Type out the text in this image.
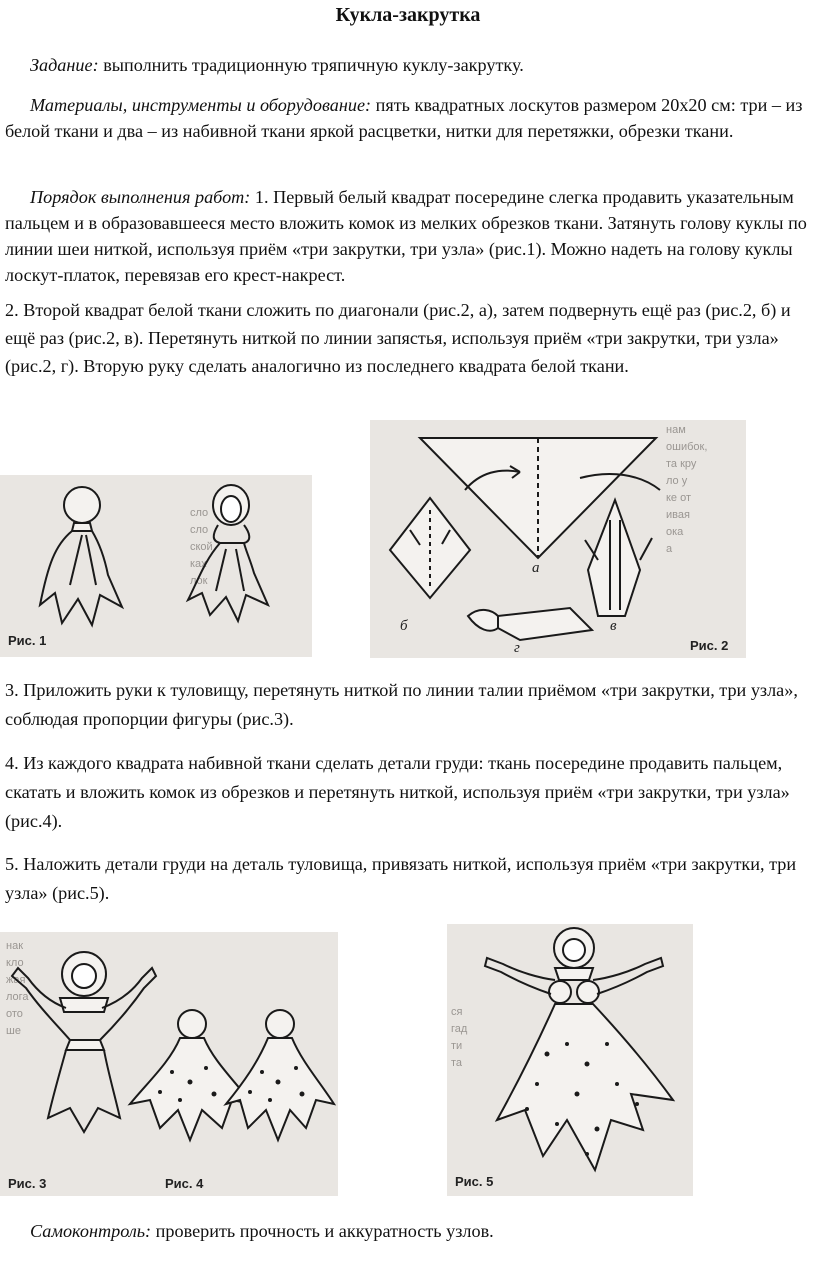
Кукла-закрутка
Задание: выполнить традиционную тряпичную куклу-закрутку.
Материалы, инструменты и оборудование: пять квадратных лоскутов размером 20х20 см: три – из белой ткани и два – из набивной ткани яркой расцветки, нитки для перетяжки, обрезки ткани.
Порядок выполнения работ: 1. Первый белый квадрат посередине слегка продавить указательным пальцем и в образовавшееся место вложить комок из мелких обрезков ткани. Затянуть голову куклы по линии шеи ниткой, используя приём «три закрутки, три узла» (рис.1). Можно надеть на голову куклы лоскут-платок, перевязав его крест-накрест.
2. Второй квадрат белой ткани сложить по диагонали (рис.2, а), затем подвернуть ещё раз (рис.2, б) и ещё раз (рис.2, в). Перетянуть ниткой по линии запястья, используя приём «три закрутки, три узла» (рис.2, г). Вторую руку сделать аналогично из последнего квадрата белой ткани.
сло
сло
ской
ках
лок
Рис. 1
нам
ошибок,
та кру
ло у
ке от
ивая
ока
а
а
б	в
г	Рис. 2
3. Приложить руки к туловищу, перетянуть ниткой по линии талии приёмом «три закрутки, три узла», соблюдая пропорции фигуры (рис.3).
4. Из каждого квадрата набивной ткани сделать детали груди: ткань посередине продавить пальцем, скатать и вложить комок из обрезков и перетянуть ниткой, используя приём «три закрутки, три узла» (рис.4).
5. Наложить детали груди на деталь туловища, привязать ниткой, используя приём «три закрутки, три узла» (рис.5).
нак
кло
жая
лога
ото
ше
Рис. 3	Рис. 4
ся
гад
ти
та
Рис. 5
Самоконтроль: проверить прочность и аккуратность узлов.
